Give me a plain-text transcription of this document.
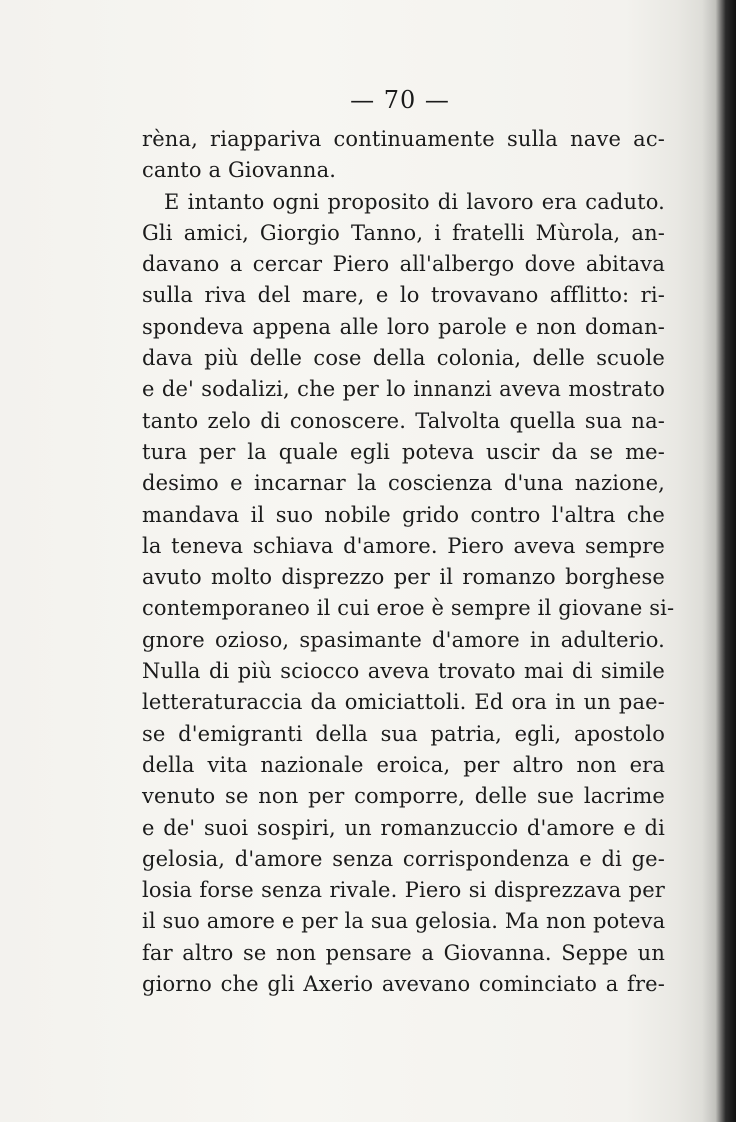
— 70 —
rèna, riappariva continuamente sulla nave ac-
canto a Giovanna.
E intanto ogni proposito di lavoro era caduto.
Gli amici, Giorgio Tanno, i fratelli Mùrola, an-
davano a cercar Piero all'albergo dove abitava
sulla riva del mare, e lo trovavano afflitto: ri-
spondeva appena alle loro parole e non doman-
dava più delle cose della colonia, delle scuole
e de' sodalizi, che per lo innanzi aveva mostrato
tanto zelo di conoscere. Talvolta quella sua na-
tura per la quale egli poteva uscir da se me-
desimo e incarnar la coscienza d'una nazione,
mandava il suo nobile grido contro l'altra che
la teneva schiava d'amore. Piero aveva sempre
avuto molto disprezzo per il romanzo borghese
contemporaneo il cui eroe è sempre il giovane si-
gnore ozioso, spasimante d'amore in adulterio.
Nulla di più sciocco aveva trovato mai di simile
letteraturaccia da omiciattoli. Ed ora in un pae-
se d'emigranti della sua patria, egli, apostolo
della vita nazionale eroica, per altro non era
venuto se non per comporre, delle sue lacrime
e de' suoi sospiri, un romanzuccio d'amore e di
gelosia, d'amore senza corrispondenza e di ge-
losia forse senza rivale. Piero si disprezzava per
il suo amore e per la sua gelosia. Ma non poteva
far altro se non pensare a Giovanna. Seppe un
giorno che gli Axerio avevano cominciato a fre-
